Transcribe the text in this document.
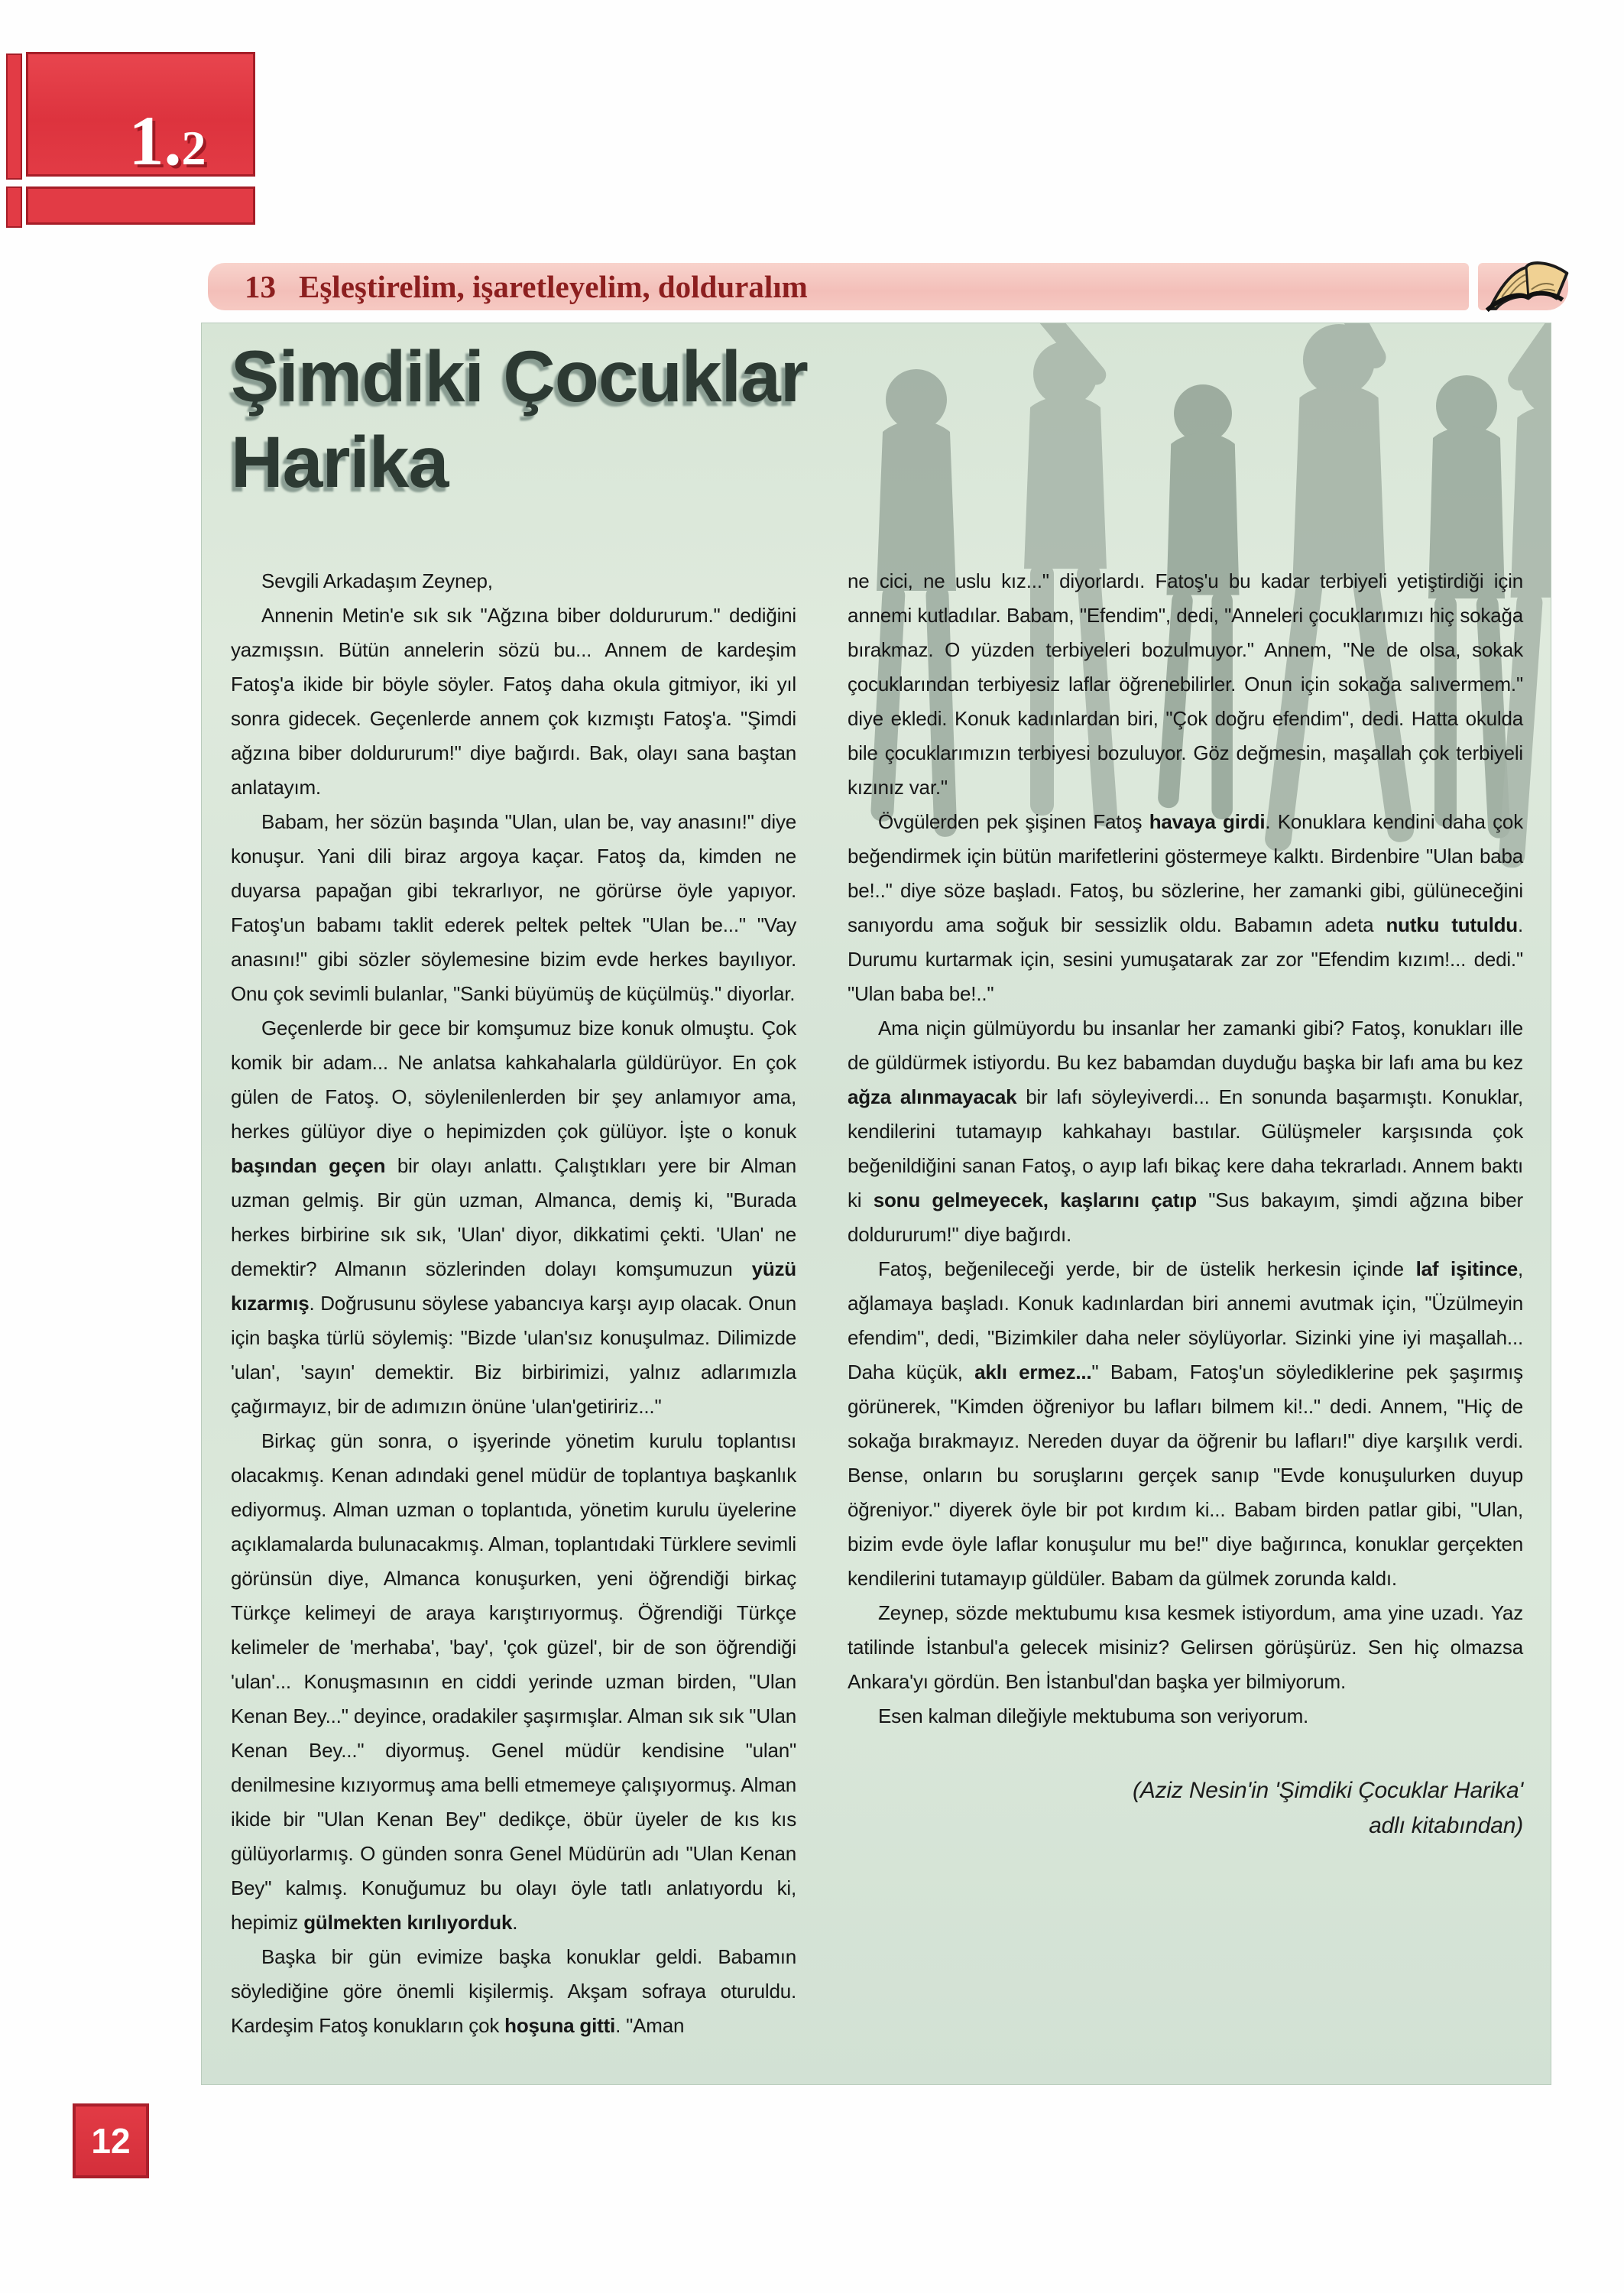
1.2
13 Eşleştirelim, işaretleyelim, dolduralım
Şimdiki Çocuklar
Harika

Sevgili Arkadaşım Zeynep,

Annenin Metin'e sık sık "Ağzına biber doldururum." dediğini yazmışsın. Bütün annelerin sözü bu... Annem de kardeşim Fatoş'a ikide bir böyle söyler. Fatoş daha okula gitmiyor, iki yıl sonra gidecek. Geçenlerde annem çok kızmıştı Fatoş'a. "Şimdi ağzına biber doldururum!" diye bağırdı. Bak, olayı sana baştan anlatayım.

Babam, her sözün başında "Ulan, ulan be, vay anasını!" diye konuşur. Yani dili biraz argoya kaçar. Fatoş da, kimden ne duyarsa papağan gibi tekrarlıyor, ne görürse öyle yapıyor. Fatoş'un babamı taklit ederek peltek peltek "Ulan be..." "Vay anasını!" gibi sözler söylemesine bizim evde herkes bayılıyor. Onu çok sevimli bulanlar, "Sanki büyümüş de küçülmüş." diyorlar.

Geçenlerde bir gece bir komşumuz bize konuk olmuştu. Çok komik bir adam... Ne anlatsa kahkahalarla güldürüyor. En çok gülen de Fatoş. O, söylenilenlerden bir şey anlamıyor ama, herkes gülüyor diye o hepimizden çok gülüyor. İşte o konuk başından geçen bir olayı anlattı. Çalıştıkları yere bir Alman uzman gelmiş. Bir gün uzman, Almanca, demiş ki, "Burada herkes birbirine sık sık, 'Ulan' diyor, dikkatimi çekti. 'Ulan' ne demektir? Almanın sözlerinden dolayı komşumuzun yüzü kızarmış. Doğrusunu söylese yabancıya karşı ayıp olacak. Onun için başka türlü söylemiş: "Bizde 'ulan'sız konuşulmaz. Dilimizde 'ulan', 'sayın' demektir. Biz birbirimizi, yalnız adlarımızla çağırmayız, bir de adımızın önüne 'ulan'getiririz..."

Birkaç gün sonra, o işyerinde yönetim kurulu toplantısı olacakmış. Kenan adındaki genel müdür de toplantıya başkanlık ediyormuş. Alman uzman o toplantıda, yönetim kurulu üyelerine açıklamalarda bulunacakmış. Alman, toplantıdaki Türklere sevimli görünsün diye, Almanca konuşurken, yeni öğrendiği birkaç Türkçe kelimeyi de araya karıştırıyormuş. Öğrendiği Türkçe kelimeler de 'merhaba', 'bay', 'çok güzel', bir de son öğrendiği 'ulan'... Konuşmasının en ciddi yerinde uzman birden, "Ulan Kenan Bey..." deyince, oradakiler şaşırmışlar. Alman sık sık "Ulan Kenan Bey..." diyormuş. Genel müdür kendisine "ulan" denilmesine kızıyormuş ama belli etmemeye çalışıyormuş. Alman ikide bir "Ulan Kenan Bey" dedikçe, öbür üyeler de kıs kıs gülüyorlarmış. O günden sonra Genel Müdürün adı "Ulan Kenan Bey" kalmış. Konuğumuz bu olayı öyle tatlı anlatıyordu ki, hepimiz gülmekten kırılıyorduk.

Başka bir gün evimize başka konuklar geldi. Babamın söylediğine göre önemli kişilermiş. Akşam sofraya oturuldu. Kardeşim Fatoş konukların çok hoşuna gitti. "Aman

ne cici, ne uslu kız..." diyorlardı. Fatoş'u bu kadar terbiyeli yetiştirdiği için annemi kutladılar. Babam, "Efendim", dedi, "Anneleri çocuklarımızı hiç sokağa bırakmaz. O yüzden terbiyeleri bozulmuyor." Annem, "Ne de olsa, sokak çocuklarından terbiyesiz laflar öğrenebilirler. Onun için sokağa salıvermem." diye ekledi. Konuk kadınlardan biri, "Çok doğru efendim", dedi. Hatta okulda bile çocuklarımızın terbiyesi bozuluyor. Göz değmesin, maşallah çok terbiyeli kızınız var."

Övgülerden pek şişinen Fatoş havaya girdi. Konuklara kendini daha çok beğendirmek için bütün marifetlerini göstermeye kalktı. Birdenbire "Ulan baba be!.." diye söze başladı. Fatoş, bu sözlerine, her zamanki gibi, gülüneceğini sanıyordu ama soğuk bir sessizlik oldu. Babamın adeta nutku tutuldu. Durumu kurtarmak için, sesini yumuşatarak zar zor "Efendim kızım!... dedi." "Ulan baba be!.."

Ama niçin gülmüyordu bu insanlar her zamanki gibi? Fatoş, konukları ille de güldürmek istiyordu. Bu kez babamdan duyduğu başka bir lafı ama bu kez ağza alınmayacak bir lafı söyleyiverdi... En sonunda başarmıştı. Konuklar, kendilerini tutamayıp kahkahayı bastılar. Gülüşmeler karşısında çok beğenildiğini sanan Fatoş, o ayıp lafı bikaç kere daha tekrarladı. Annem baktı ki sonu gelmeyecek, kaşlarını çatıp "Sus bakayım, şimdi ağzına biber doldururum!" diye bağırdı.

Fatoş, beğenileceği yerde, bir de üstelik herkesin içinde laf işitince, ağlamaya başladı. Konuk kadınlardan biri annemi avutmak için, "Üzülmeyin efendim", dedi, "Bizimkiler daha neler söylüyorlar. Sizinki yine iyi maşallah... Daha küçük, aklı ermez..." Babam, Fatoş'un söylediklerine pek şaşırmış görünerek, "Kimden öğreniyor bu lafları bilmem ki!.." dedi. Annem, "Hiç de sokağa bırakmayız. Nereden duyar da öğrenir bu lafları!" diye karşılık verdi. Bense, onların bu soruşlarını gerçek sanıp "Evde konuşulurken duyup öğreniyor." diyerek öyle bir pot kırdım ki... Babam birden patlar gibi, "Ulan, bizim evde öyle laflar konuşulur mu be!" diye bağırınca, konuklar gerçekten kendilerini tutamayıp güldüler. Babam da gülmek zorunda kaldı.

Zeynep, sözde mektubumu kısa kesmek istiyordum, ama yine uzadı. Yaz tatilinde İstanbul'a gelecek misiniz? Gelirsen görüşürüz. Sen hiç olmazsa Ankara'yı gördün. Ben İstanbul'dan başka yer bilmiyorum.

Esen kalman dileğiyle mektubuma son veriyorum.

(Aziz Nesin'in 'Şimdiki Çocuklar Harika'
adlı kitabından)
12
